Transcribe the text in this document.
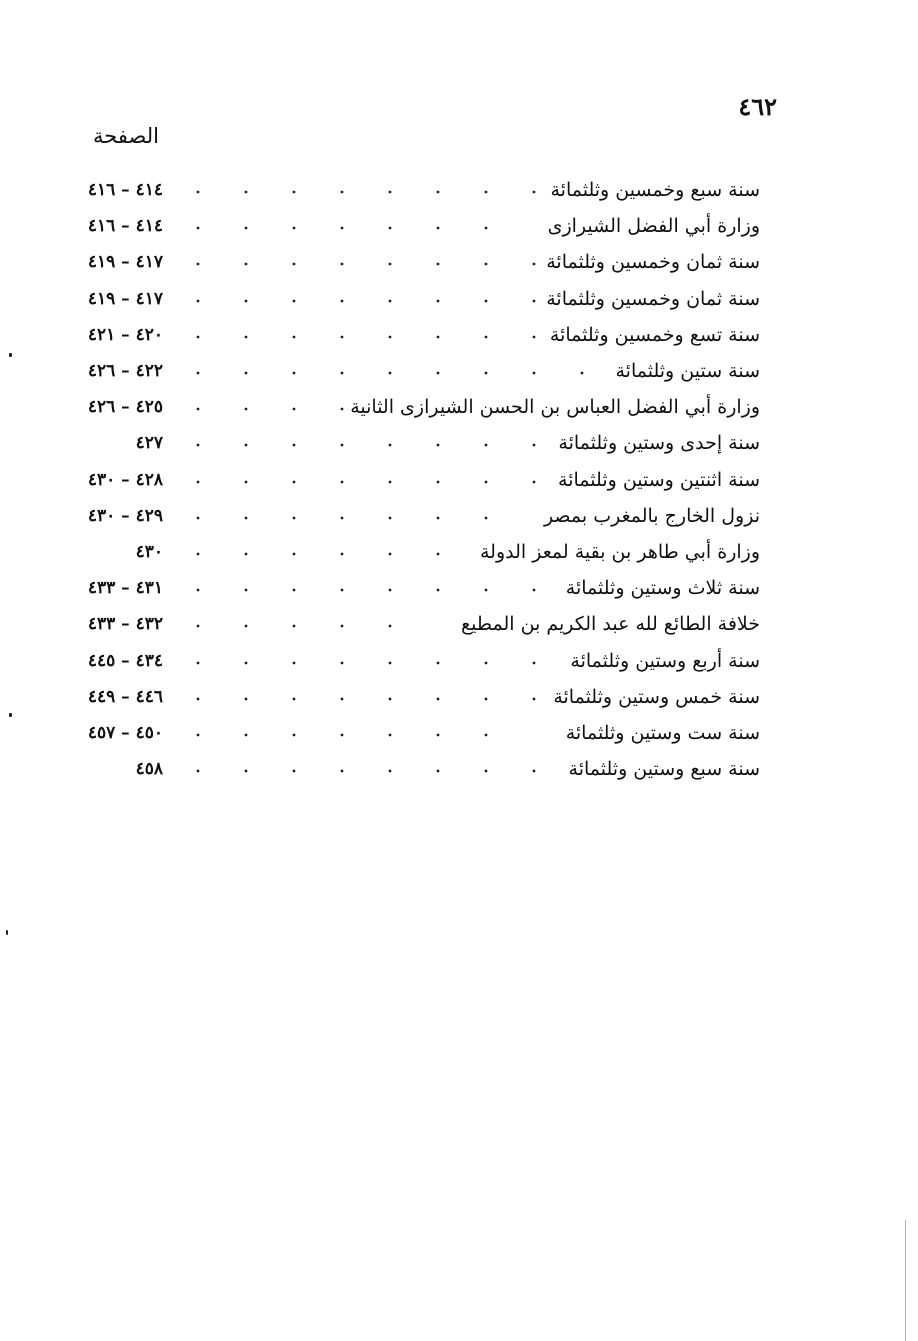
٤٦٢
الصفحة
سنة سبع وخمسين وثلثمائة
٤١٤ – ٤١٦
وزارة أبي الفضل الشيرازى
٤١٤ – ٤١٦
سنة ثمان وخمسين وثلثمائة
٤١٧ – ٤١٩
سنة ثمان وخمسين وثلثمائة
٤١٧ – ٤١٩
سنة تسع وخمسين وثلثمائة
٤٢٠ – ٤٢١
سنة ستين وثلثمائة
٤٢٢ – ٤٢٦
وزارة أبي الفضل العباس بن الحسن الشيرازى الثانية
٤٢٥ – ٤٢٦
سنة إحدى وستين وثلثمائة
٤٢٧
سنة اثنتين وستين وثلثمائة
٤٢٨ – ٤٣٠
نزول الخارج بالمغرب بمصر
٤٢٩ – ٤٣٠
وزارة أبي طاهر بن بقية لمعز الدولة
٤٣٠
سنة ثلاث وستين وثلثمائة
٤٣١ – ٤٣٣
خلافة الطائع لله عبد الكريم بن المطيع
٤٣٢ – ٤٣٣
سنة أربع وستين وثلثمائة
٤٣٤ – ٤٤٥
سنة خمس وستين وثلثمائة
٤٤٦ – ٤٤٩
سنة ست وستين وثلثمائة
٤٥٠ – ٤٥٧
سنة سبع وستين وثلثمائة
٤٥٨
